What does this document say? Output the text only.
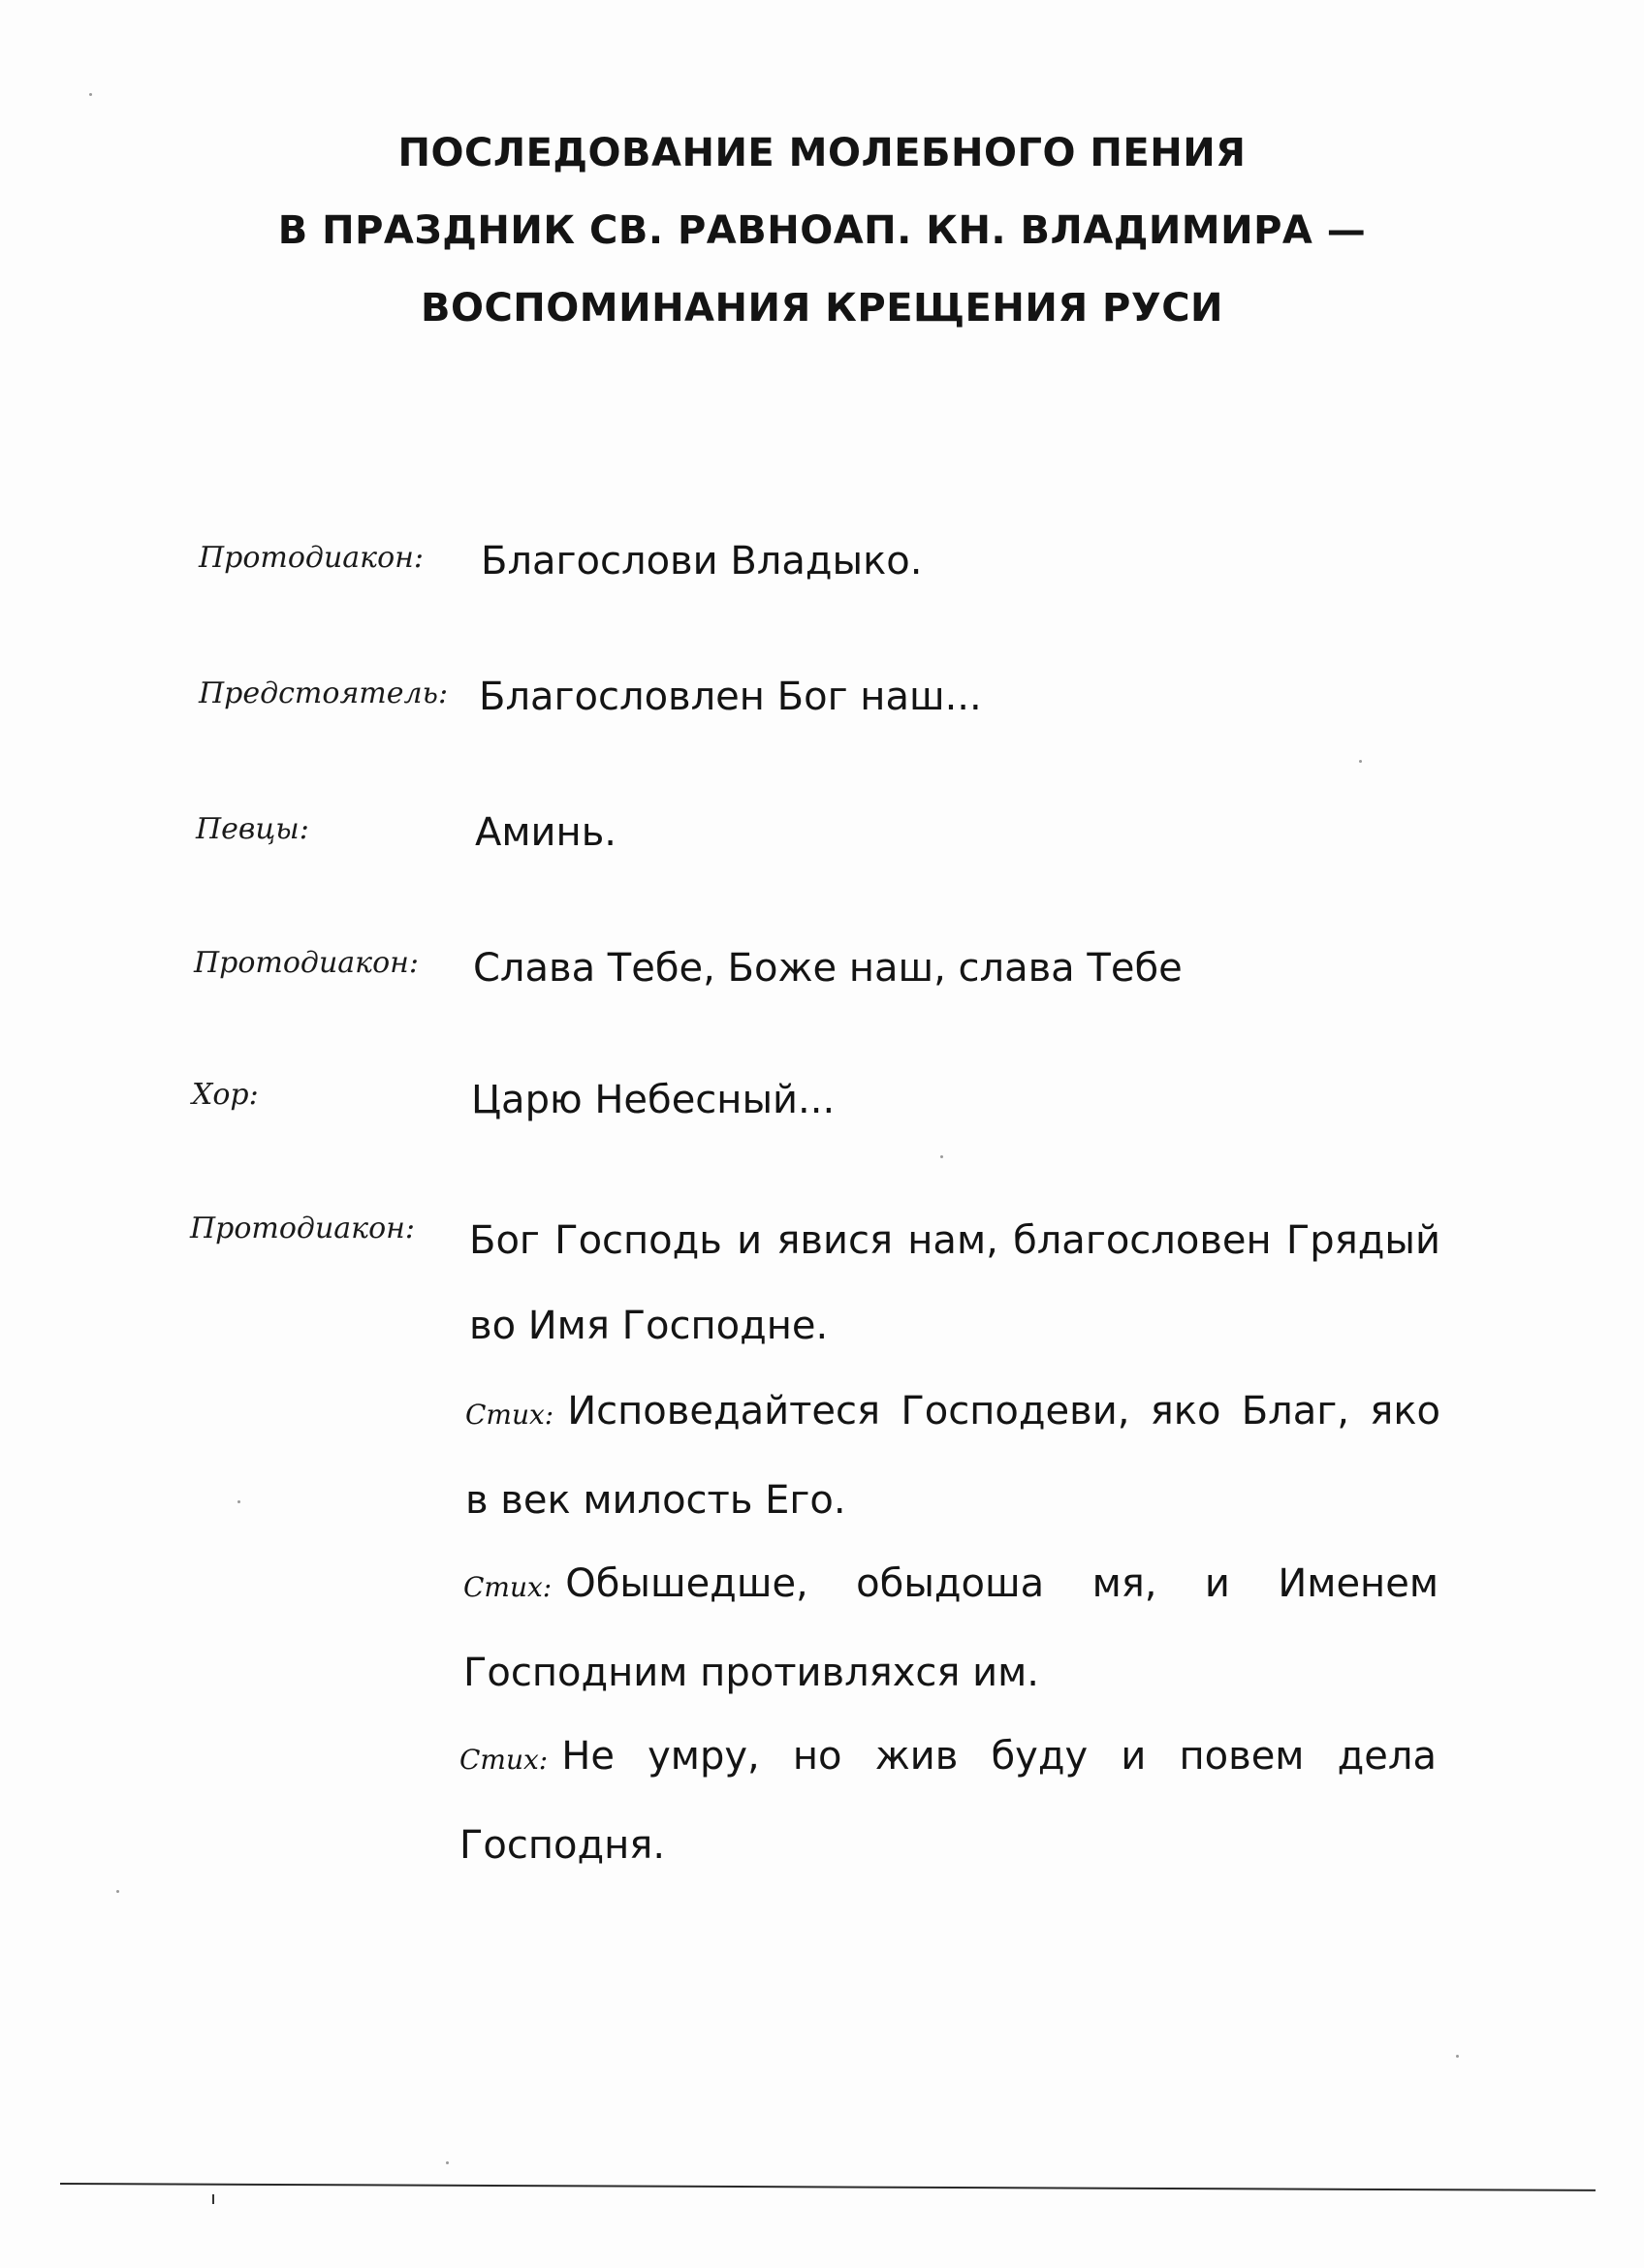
ПОСЛЕДОВАНИЕ МОЛЕБНОГО ПЕНИЯ
В ПРАЗДНИК СВ. РАВНОАП. КН. ВЛАДИМИРА —
ВОСПОМИНАНИЯ КРЕЩЕНИЯ РУСИ
Протодиакон: Благослови Владыко.
Предстоятель: Благословлен Бог наш...
Певцы:	Аминь.
Протодиакон: Слава Тебе, Боже наш, слава Тебе
Хор:	Царю Небесный...
Протодиакон: Бог Господь и явися нам, благословен Грядый во Имя Господне.
Стих: Исповедайтеся Господеви, яко Благ, яко в век милость Его.
Стих: Обышедше, обыдоша мя, и Именем Господним противляхся им.
Стих: Не умру, но жив буду и повем дела Господня.
